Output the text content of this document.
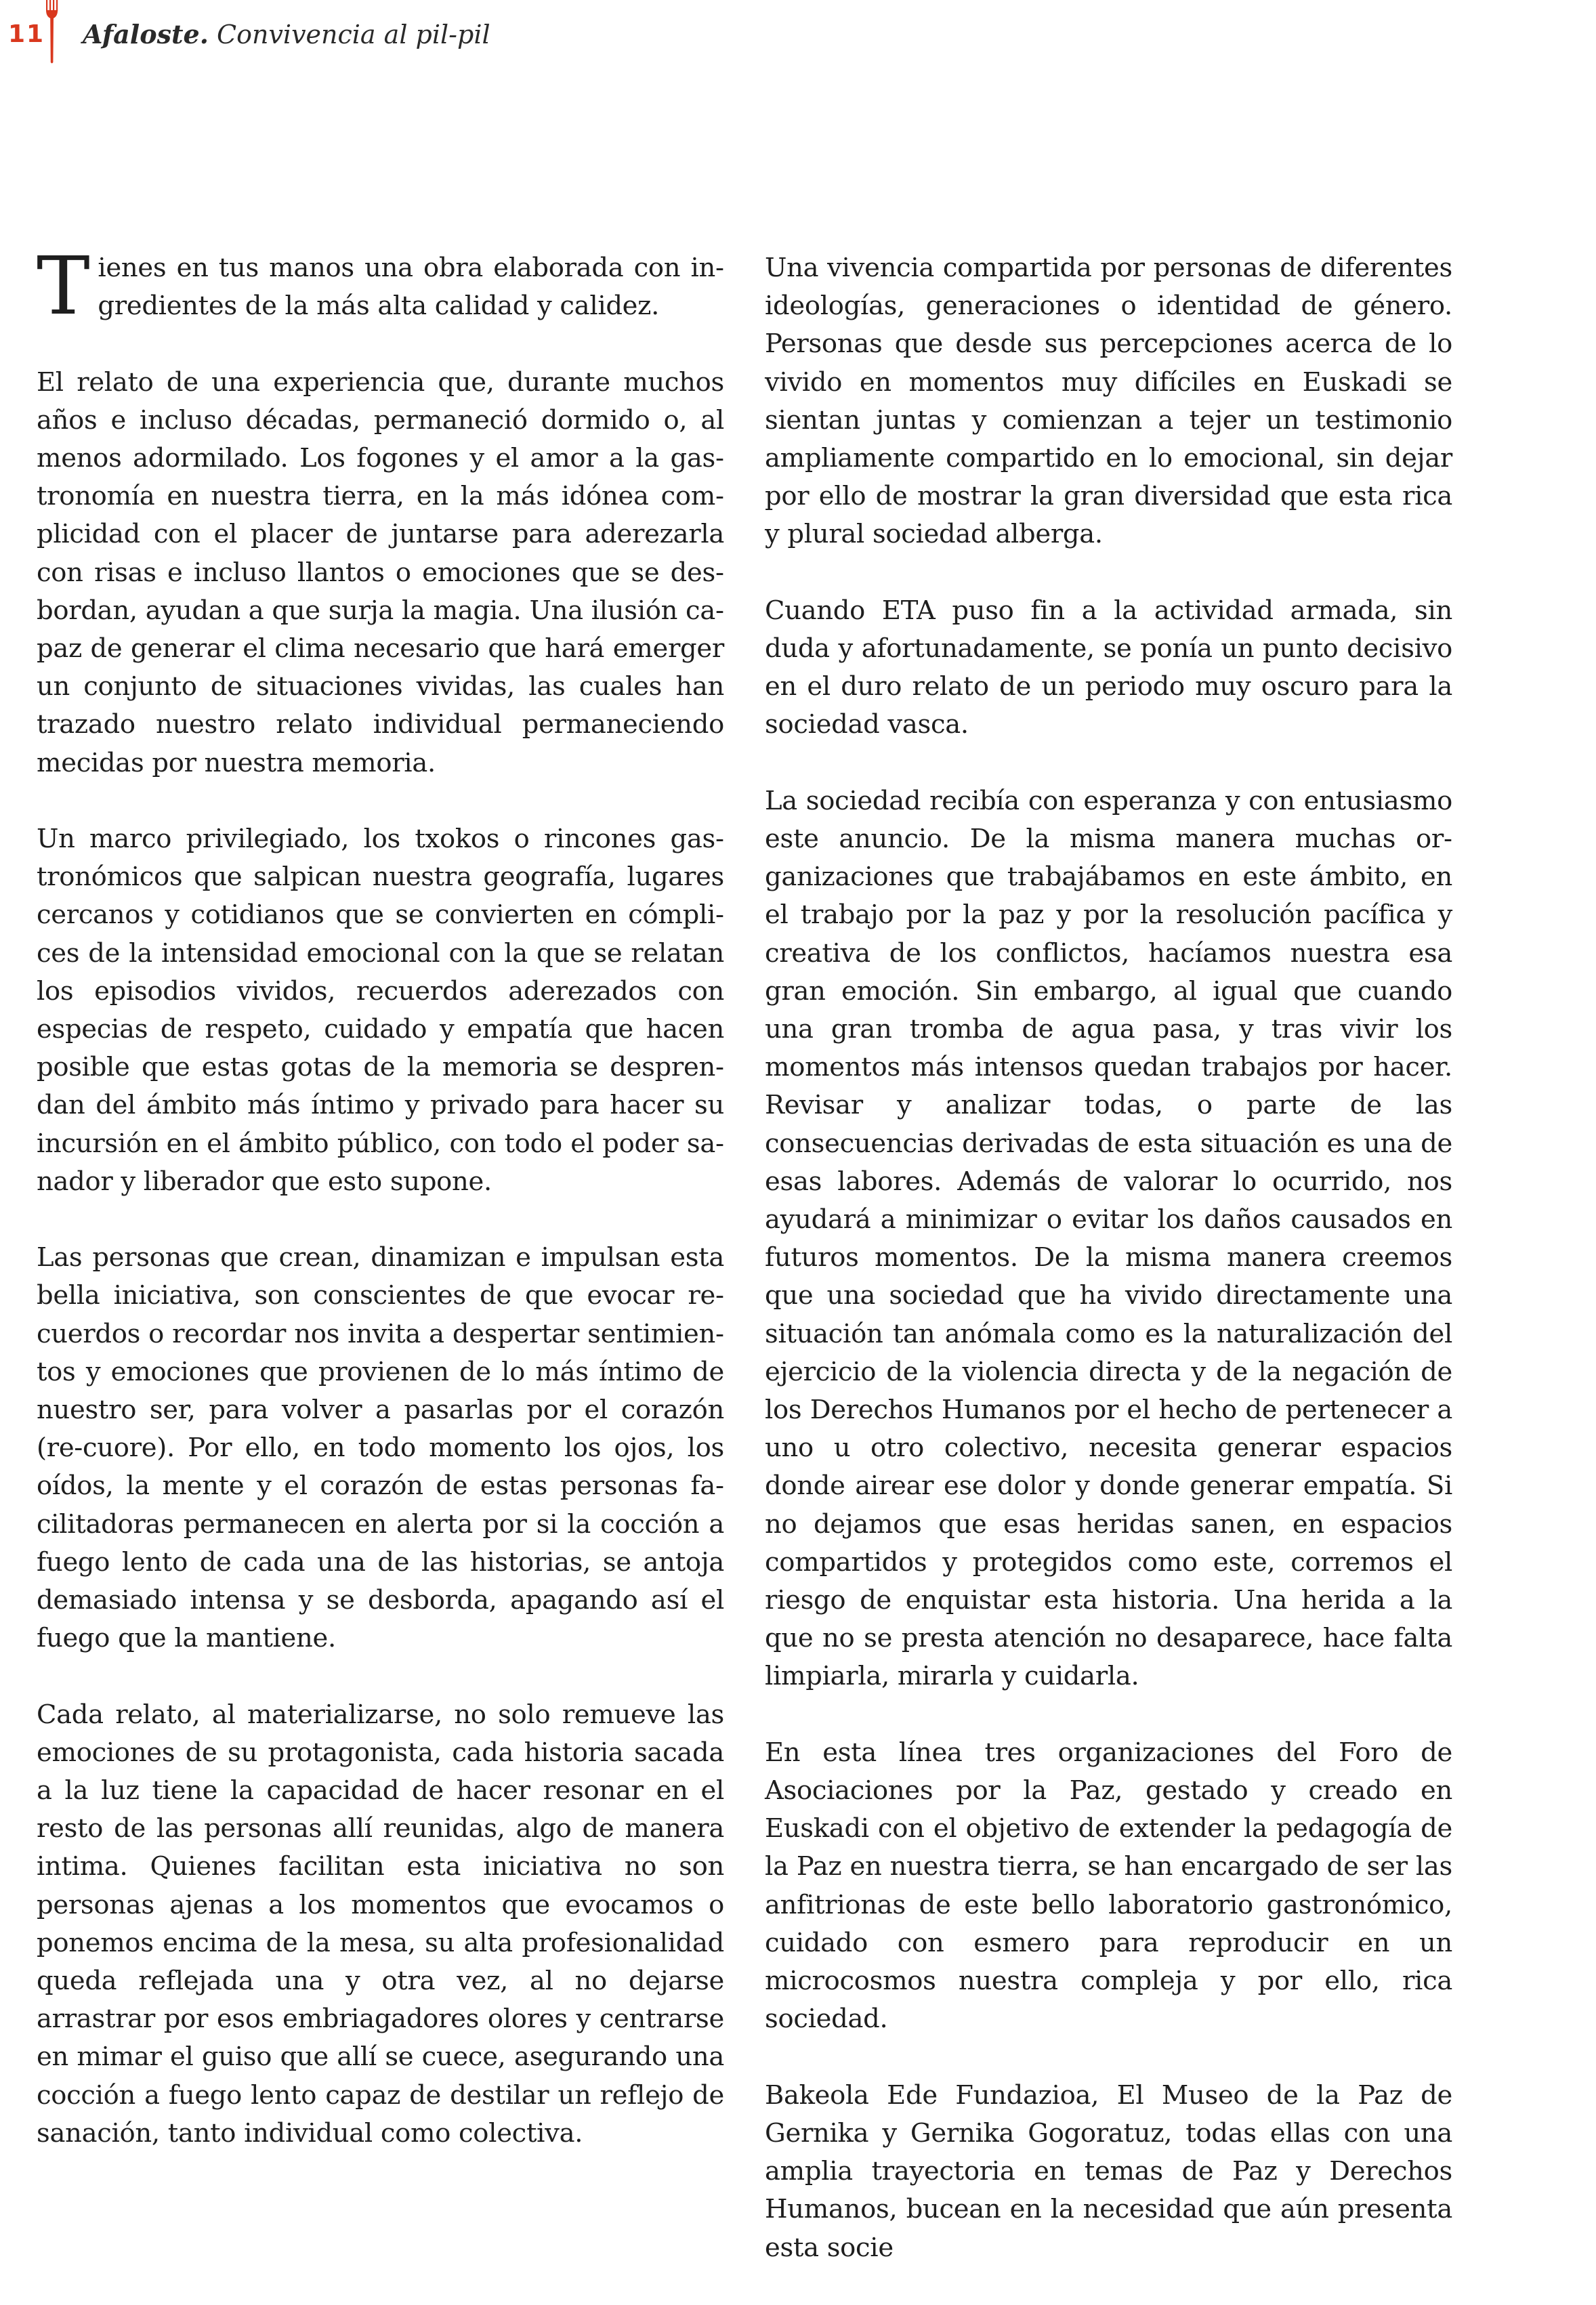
11 Afaloste. Convivencia al pil-pil

Tienes en tus manos una obra elaborada con ingredientes de la más alta calidad y calidez.

El relato de una experiencia que, durante muchos años e incluso décadas, permaneció dormido o, al menos adormilado. Los fogones y el amor a la gastronomía en nuestra tierra, en la más idónea complicidad con el placer de juntarse para aderezarla con risas e incluso llantos o emociones que se desbordan, ayudan a que surja la magia. Una ilusión capaz de generar el clima necesario que hará emerger un conjunto de situaciones vividas, las cuales han trazado nuestro relato individual permaneciendo mecidas por nuestra memoria.

Un marco privilegiado, los txokos o rincones gastronómicos que salpican nuestra geografía, lugares cercanos y cotidianos que se convierten en cómplices de la intensidad emocional con la que se relatan los episodios vividos, recuerdos aderezados con especias de respeto, cuidado y empatía que hacen posible que estas gotas de la memoria se desprendan del ámbito más íntimo y privado para hacer su incursión en el ámbito público, con todo el poder sanador y liberador que esto supone.

Las personas que crean, dinamizan e impulsan esta bella iniciativa, son conscientes de que evocar recuerdos o recordar nos invita a despertar sentimientos y emociones que provienen de lo más íntimo de nuestro ser, para volver a pasarlas por el corazón (re-cuore). Por ello, en todo momento los ojos, los oídos, la mente y el corazón de estas personas facilitadoras permanecen en alerta por si la cocción a fuego lento de cada una de las historias, se antoja demasiado intensa y se desborda, apagando así el fuego que la mantiene.

Cada relato, al materializarse, no solo remueve las emociones de su protagonista, cada historia sacada a la luz tiene la capacidad de hacer resonar en el resto de las personas allí reunidas, algo de manera intima. Quienes facilitan esta iniciativa no son personas ajenas a los momentos que evocamos o ponemos encima de la mesa, su alta profesionalidad queda reflejada una y otra vez, al no dejarse arrastrar por esos embriagadores olores y centrarse en mimar el guiso que allí se cuece, asegurando una cocción a fuego lento capaz de destilar un reflejo de sanación, tanto individual como colectiva.

Una vivencia compartida por personas de diferentes ideologías, generaciones o identidad de género. Personas que desde sus percepciones acerca de lo vivido en momentos muy difíciles en Euskadi se sientan juntas y comienzan a tejer un testimonio ampliamente compartido en lo emocional, sin dejar por ello de mostrar la gran diversidad que esta rica y plural sociedad alberga.

Cuando ETA puso fin a la actividad armada, sin duda y afortunadamente, se ponía un punto decisivo en el duro relato de un periodo muy oscuro para la sociedad vasca.

La sociedad recibía con esperanza y con entusiasmo este anuncio. De la misma manera muchas organizaciones que trabajábamos en este ámbito, en el trabajo por la paz y por la resolución pacífica y creativa de los conflictos, hacíamos nuestra esa gran emoción. Sin embargo, al igual que cuando una gran tromba de agua pasa, y tras vivir los momentos más intensos quedan trabajos por hacer. Revisar y analizar todas, o parte de las consecuencias derivadas de esta situación es una de esas labores. Además de valorar lo ocurrido, nos ayudará a minimizar o evitar los daños causados en futuros momentos. De la misma manera creemos que una sociedad que ha vivido directamente una situación tan anómala como es la naturalización del ejercicio de la violencia directa y de la negación de los Derechos Humanos por el hecho de pertenecer a uno u otro colectivo, necesita generar espacios donde airear ese dolor y donde generar empatía. Si no dejamos que esas heridas sanen, en espacios compartidos y protegidos como este, corremos el riesgo de enquistar esta historia. Una herida a la que no se presta atención no desaparece, hace falta limpiarla, mirarla y cuidarla.

En esta línea tres organizaciones del Foro de Asociaciones por la Paz, gestado y creado en Euskadi con el objetivo de extender la pedagogía de la Paz en nuestra tierra, se han encargado de ser las anfitrionas de este bello laboratorio gastronómico, cuidado con esmero para reproducir en un microcosmos nuestra compleja y por ello, rica sociedad.

Bakeola Ede Fundazioa, El Museo de la Paz de Gernika y Gernika Gogoratuz, todas ellas con una amplia trayectoria en temas de Paz y Derechos Humanos, bucean en la necesidad que aún presenta esta socie
